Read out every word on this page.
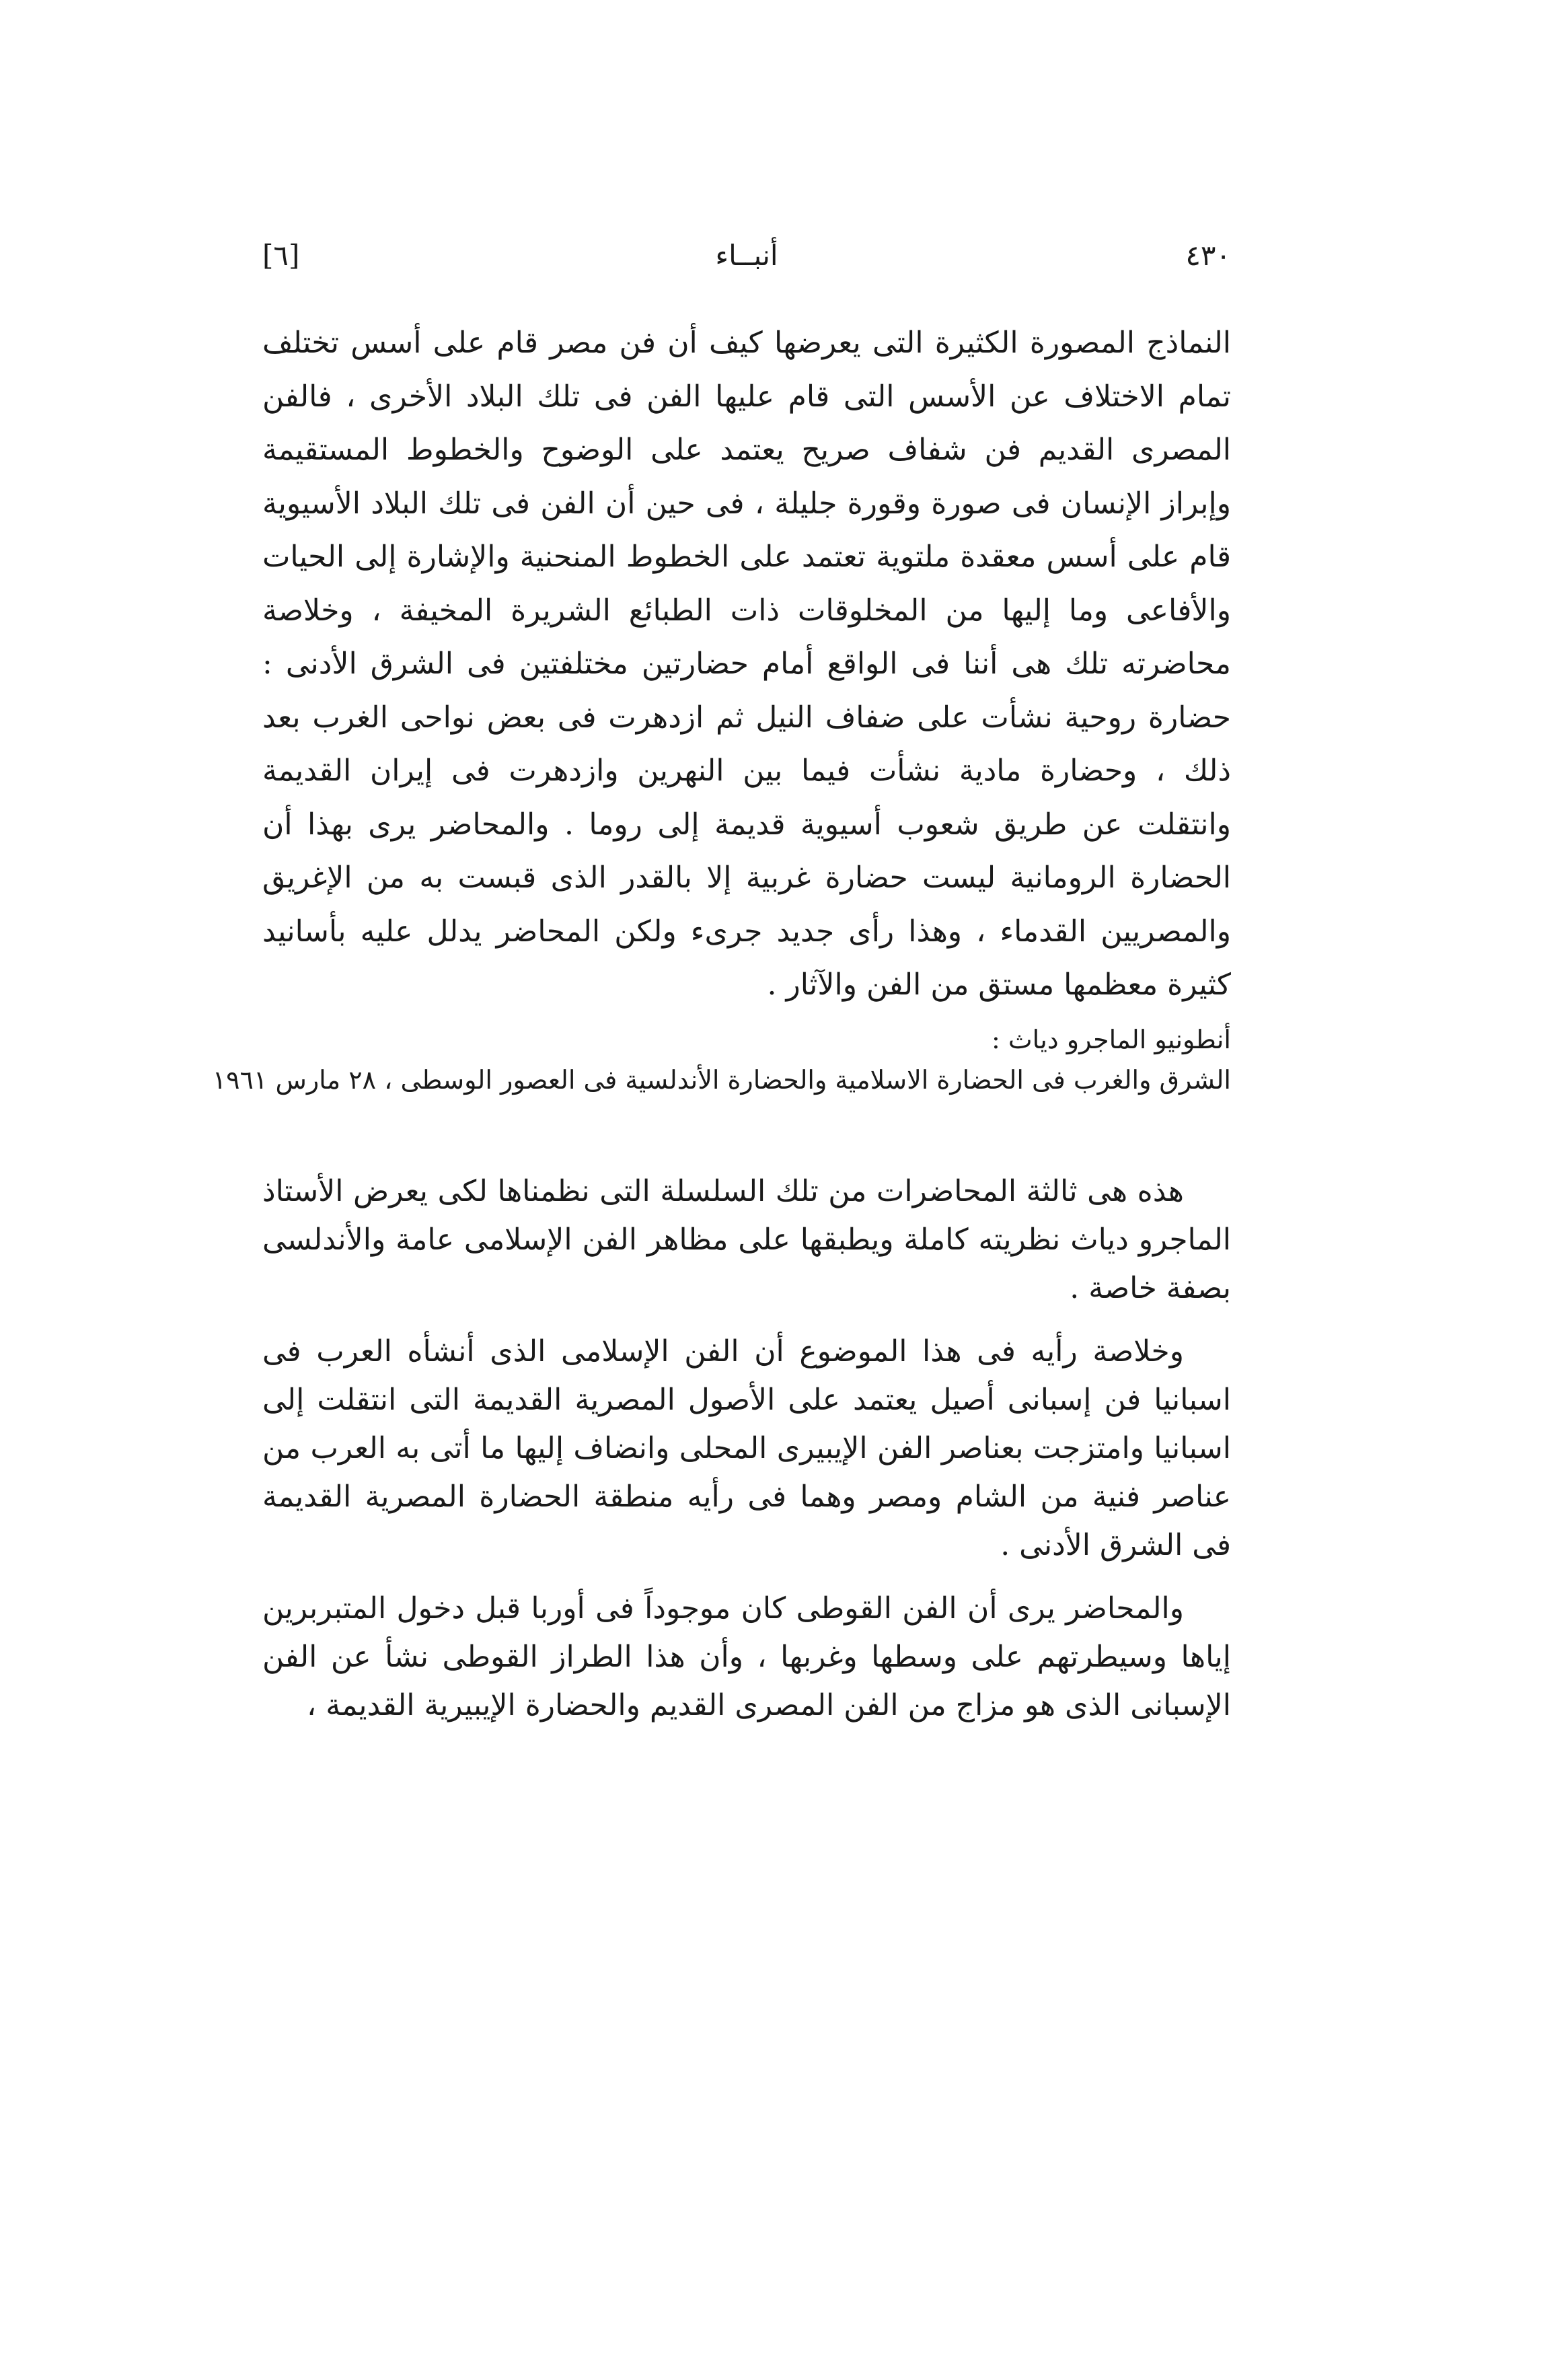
٤٣٠
أنبــاء
[٦]

النماذج المصورة الكثيرة التى يعرضها كيف أن فن مصر قام على أسس تختلف تمام الاختلاف عن الأسس التى قام عليها الفن فى تلك البلاد الأخرى ، فالفن المصرى القديم فن شفاف صريح يعتمد على الوضوح والخطوط المستقيمة وإبراز الإنسان فى صورة وقورة جليلة ، فى حين أن الفن فى تلك البلاد الأسيوية قام على أسس معقدة ملتوية تعتمد على الخطوط المنحنية والإشارة إلى الحيات والأفاعى وما إليها من المخلوقات ذات الطبائع الشريرة المخيفة ، وخلاصة محاضرته تلك هى أننا فى الواقع أمام حضارتين مختلفتين فى الشرق الأدنى : حضارة روحية نشأت على ضفاف النيل ثم ازدهرت فى بعض نواحى الغرب بعد ذلك ، وحضارة مادية نشأت فيما بين النهرين وازدهرت فى إيران القديمة وانتقلت عن طريق شعوب أسيوية قديمة إلى روما . والمحاضر يرى بهذا أن الحضارة الرومانية ليست حضارة غربية إلا بالقدر الذى قبست به من الإغريق والمصريين القدماء ، وهذا رأى جديد جرىء ولكن المحاضر يدلل عليه بأسانيد كثيرة معظمها مستق من الفن والآثار .

أنطونيو الماجرو دياث :
الشرق والغرب فى الحضارة الاسلامية والحضارة الأندلسية فى العصور الوسطى ، ٢٨ مارس ١٩٦١

هذه هى ثالثة المحاضرات من تلك السلسلة التى نظمناها لكى يعرض الأستاذ الماجرو دياث نظريته كاملة ويطبقها على مظاهر الفن الإسلامى عامة والأندلسى بصفة خاصة .

وخلاصة رأيه فى هذا الموضوع أن الفن الإسلامى الذى أنشأه العرب فى اسبانيا فن إسبانى أصيل يعتمد على الأصول المصرية القديمة التى انتقلت إلى اسبانيا وامتزجت بعناصر الفن الإيبيرى المحلى وانضاف إليها ما أتى به العرب من عناصر فنية من الشام ومصر وهما فى رأيه منطقة الحضارة المصرية القديمة فى الشرق الأدنى .

والمحاضر يرى أن الفن القوطى كان موجوداً فى أوربا قبل دخول المتبربرين إياها وسيطرتهم على وسطها وغربها ، وأن هذا الطراز القوطى نشأ عن الفن الإسبانى الذى هو مزاج من الفن المصرى القديم والحضارة الإيبيرية القديمة ،
